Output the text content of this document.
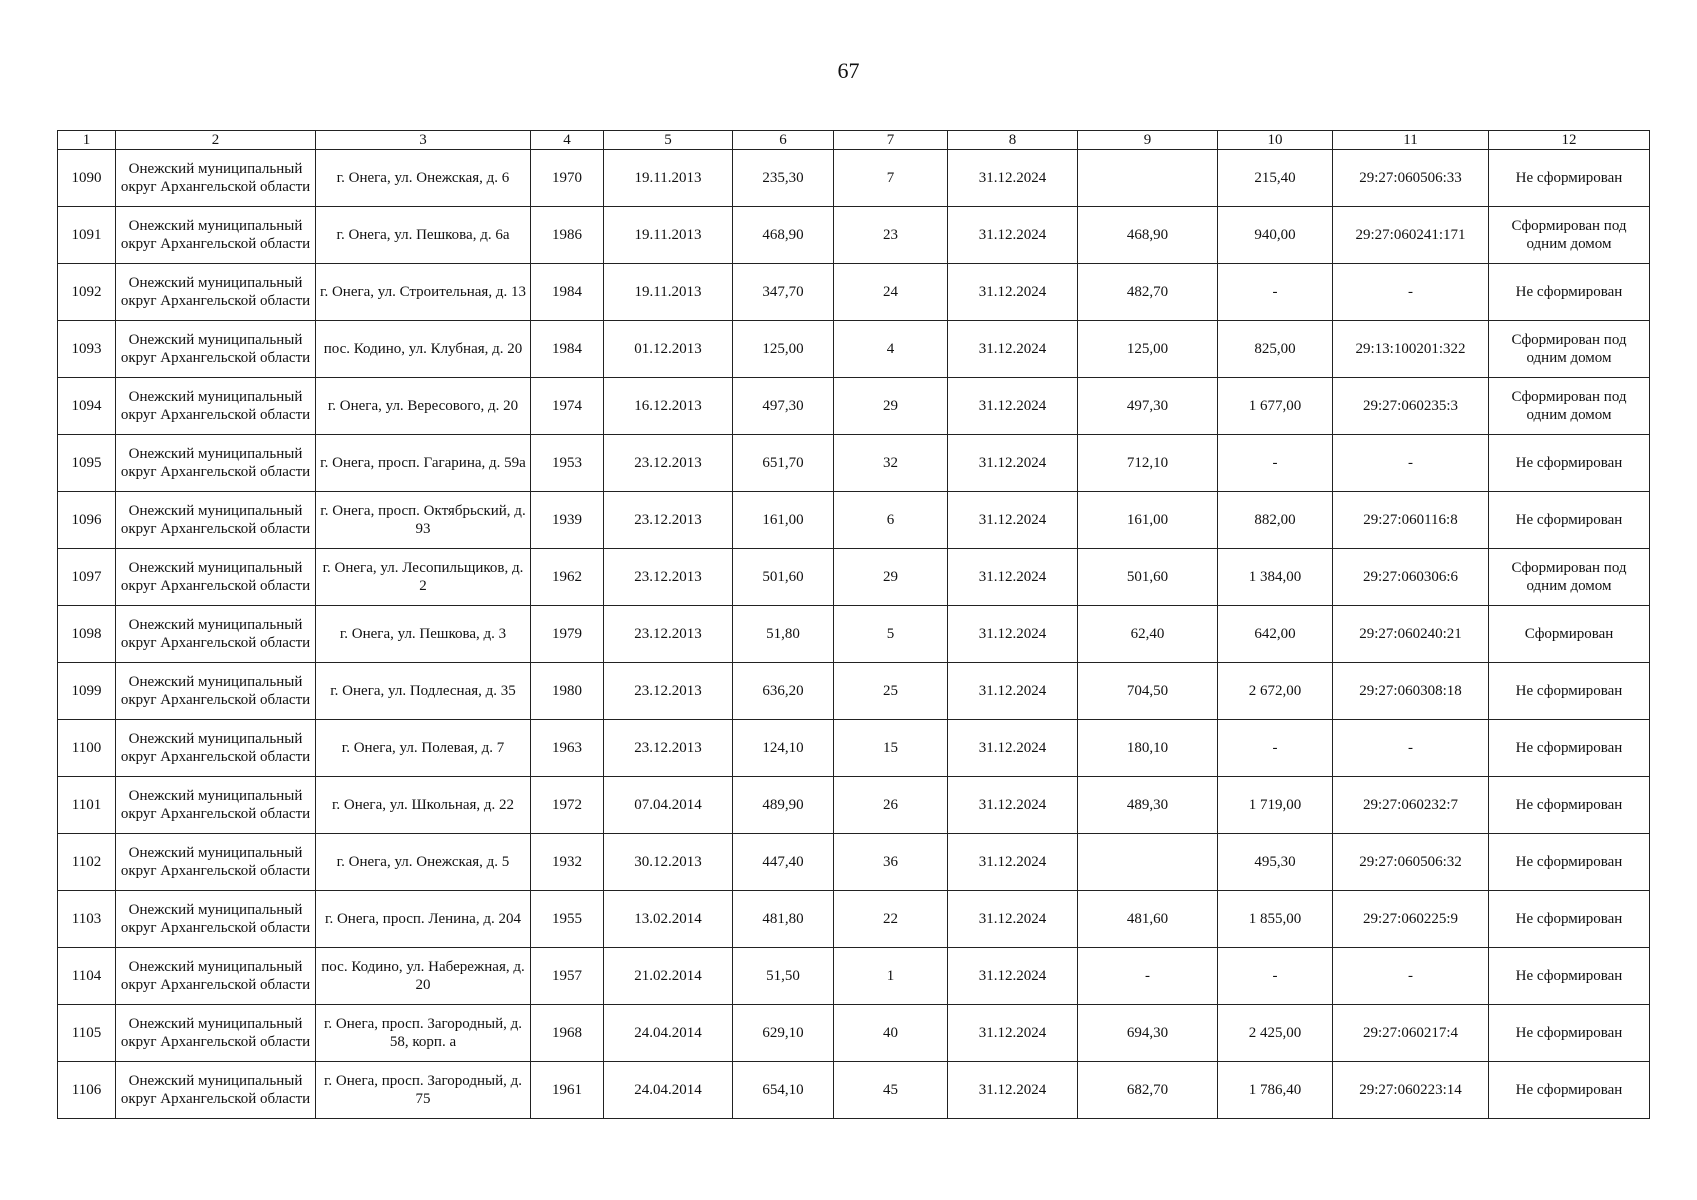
67
1	2	3	4	5	6	7	8	9	10	11	12
1090	Онежский муниципальный округ Архангельской области	г. Онега, ул. Онежская, д. 6	1970	19.11.2013	235,30	7	31.12.2024		215,40	29:27:060506:33	Не сформирован
1091	Онежский муниципальный округ Архангельской области	г. Онега, ул. Пешкова, д. 6а	1986	19.11.2013	468,90	23	31.12.2024	468,90	940,00	29:27:060241:171	Сформирован под одним домом
1092	Онежский муниципальный округ Архангельской области	г. Онега, ул. Строительная, д. 13	1984	19.11.2013	347,70	24	31.12.2024	482,70	-	-	Не сформирован
1093	Онежский муниципальный округ Архангельской области	пос. Кодино, ул. Клубная, д. 20	1984	01.12.2013	125,00	4	31.12.2024	125,00	825,00	29:13:100201:322	Сформирован под одним домом
1094	Онежский муниципальный округ Архангельской области	г. Онега, ул. Вересового, д. 20	1974	16.12.2013	497,30	29	31.12.2024	497,30	1 677,00	29:27:060235:3	Сформирован под одним домом
1095	Онежский муниципальный округ Архангельской области	г. Онега, просп. Гагарина, д. 59а	1953	23.12.2013	651,70	32	31.12.2024	712,10	-	-	Не сформирован
1096	Онежский муниципальный округ Архангельской области	г. Онега, просп. Октябрьский, д. 93	1939	23.12.2013	161,00	6	31.12.2024	161,00	882,00	29:27:060116:8	Не сформирован
1097	Онежский муниципальный округ Архангельской области	г. Онега, ул. Лесопильщиков, д. 2	1962	23.12.2013	501,60	29	31.12.2024	501,60	1 384,00	29:27:060306:6	Сформирован под одним домом
1098	Онежский муниципальный округ Архангельской области	г. Онега, ул. Пешкова, д. 3	1979	23.12.2013	51,80	5	31.12.2024	62,40	642,00	29:27:060240:21	Сформирован
1099	Онежский муниципальный округ Архангельской области	г. Онега, ул. Подлесная, д. 35	1980	23.12.2013	636,20	25	31.12.2024	704,50	2 672,00	29:27:060308:18	Не сформирован
1100	Онежский муниципальный округ Архангельской области	г. Онега, ул. Полевая, д. 7	1963	23.12.2013	124,10	15	31.12.2024	180,10	-	-	Не сформирован
1101	Онежский муниципальный округ Архангельской области	г. Онега, ул. Школьная, д. 22	1972	07.04.2014	489,90	26	31.12.2024	489,30	1 719,00	29:27:060232:7	Не сформирован
1102	Онежский муниципальный округ Архангельской области	г. Онега, ул. Онежская, д. 5	1932	30.12.2013	447,40	36	31.12.2024		495,30	29:27:060506:32	Не сформирован
1103	Онежский муниципальный округ Архангельской области	г. Онега, просп. Ленина, д. 204	1955	13.02.2014	481,80	22	31.12.2024	481,60	1 855,00	29:27:060225:9	Не сформирован
1104	Онежский муниципальный округ Архангельской области	пос. Кодино, ул. Набережная, д. 20	1957	21.02.2014	51,50	1	31.12.2024	-	-	-	Не сформирован
1105	Онежский муниципальный округ Архангельской области	г. Онега, просп. Загородный, д. 58, корп. а	1968	24.04.2014	629,10	40	31.12.2024	694,30	2 425,00	29:27:060217:4	Не сформирован
1106	Онежский муниципальный округ Архангельской области	г. Онега, просп. Загородный, д. 75	1961	24.04.2014	654,10	45	31.12.2024	682,70	1 786,40	29:27:060223:14	Не сформирован
